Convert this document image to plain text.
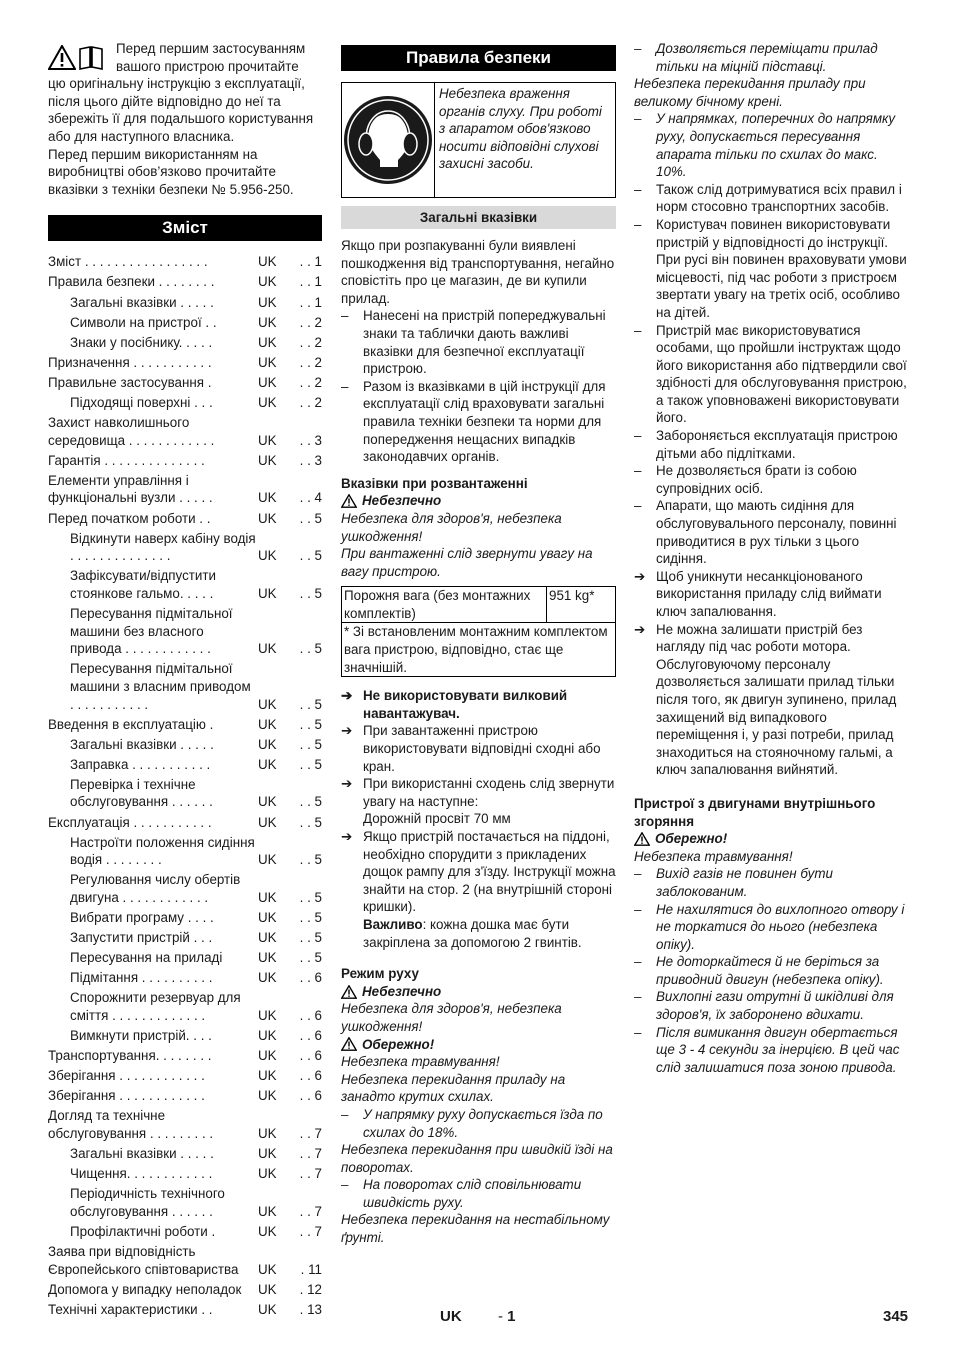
Перед першим застосуванням

вашого пристрою прочитайте

цю оригінальну інструкцію з експлуатації, після цього дійте відповідно до неї та збережіть її для подальшого користування або для наступного власника.

Перед першим використанням на виробництві обов’язково прочитайте вказівки з техніки безпеки № 5.956-250.

Зміст
Зміст . . . . . . . . . . . . . . . . .	UK	. . 1
Правила безпеки . . . . . . . .	UK	. . 1
Загальні вказівки . . . . .	UK	. . 1
Символи на пристрої . .	UK	. . 2
Знаки у посібнику. . . . .	UK	. . 2
Призначення . . . . . . . . . . .	UK	. . 2
Правильне застосування .	UK	. . 2
Підходящі поверхні . . .	UK	. . 2
Захист навколишнього середовища . . . . . . . . . . . .	UK	. . 3
Гарантія . . . . . . . . . . . . . .	UK	. . 3
Елементи управління і функціональні вузли . . . . .	UK	. . 4
Перед початком роботи . .	UK	. . 5
Відкинути наверх кабіну водія . . . . . . . . . . . . . .	UK	. . 5
Зафіксувати/відпустити стоянкове гальмо. . . . .	UK	. . 5
Пересування підмітальної машини без власного привода . . . . . . . . . . . .	UK	. . 5
Пересування підмітальної машини з власним приводом . . . . . . . . . . .	UK	. . 5
Введення в експлуатацію .	UK	. . 5
Загальні вказівки . . . . .	UK	. . 5
Заправка . . . . . . . . . . .	UK	. . 5
Перевірка і технічне обслуговування . . . . . .	UK	. . 5
Експлуатація . . . . . . . . . . .	UK	. . 5
Настроїти положення сидіння водія . . . . . . . .	UK	. . 5
Регулювання числу обертів двигуна . . . . . . . . . . . .	UK	. . 5
Вибрати програму . . . .	UK	. . 5
Запустити пристрій . . .	UK	. . 5
Пересування на приладі	UK	. . 5
Підмітання . . . . . . . . . .	UK	. . 6
Спорожнити резервуар для сміття . . . . . . . . . . . . .	UK	. . 6
Вимкнути пристрій. . . .	UK	. . 6
Транспортування. . . . . . . .	UK	. . 6
Зберігання . . . . . . . . . . . .	UK	. . 6
Зберігання . . . . . . . . . . . .	UK	. . 6
Догляд та технічне обслуговування . . . . . . . . .	UK	. . 7
Загальні вказівки . . . . .	UK	. . 7
Чищення. . . . . . . . . . . .	UK	. . 7
Періодичність технічного обслуговування . . . . . .	UK	. . 7
Профілактичні роботи .	UK	. . 7
Заява при відповідність Європейського співтовариства	UK	. 11
Допомога у випадку неполадок	UK	. 12
Технічні характеристики . .	UK	. 13
Правила безпеки
Небезпека враження органів слуху. При роботі з апаратом обов'язково носити відповідні слухові захисні засоби.
Загальні вказівки

Якщо при розпакуванні були виявлені пошкодження від транспортування, негайно сповістіть про це магазин, де ви купили прилад.

–	Нанесені на пристрій попереджувальні знаки та таблички дають важливі вказівки для безпечної експлуатації пристрою.
–	Разом із вказівками в цій інструкції для експлуатації слід враховувати загальні правила техніки безпеки та норми для попередження нещасних випадків законодавчих органів.

Вказівки при розвантаженні

Небезпечно

Небезпека для здоров'я, небезпека ушкодження!

При вантаженні слід звернути увагу на вагу пристрою.

Порожня вага (без монтажних комплектів)	951 kg*
* Зі встановленим монтажним комплектом вага пристрою, відповідно, стає ще значнішій.
➔ Не використовувати вилковий навантажувач.
➔ При завантаженні пристрою використовувати відповідні сходні або кран.
➔ При використанні сходень слід звернути увагу на наступне:
Дорожній просвіт 70 мм
➔ Якщо пристрій постачається на піддоні, необхідно спорудити з прикладених дощок рампу для з'їзду. Інструкції можна знайти на стор. 2 (на внутрішній стороні кришки).
Важливо: кожна дошка має бути закріплена за допомогою 2 гвинтів.

Режим руху

Небезпечно

Небезпека для здоров'я, небезпека ушкодження!

Обережно!

Небезпека травмування!

Небезпека перекидання приладу на занадто крутих схилах.

–	У напрямку руху допускається їзда по схилах до 18%.

Небезпека перекидання при швидкій їзді на поворотах.

–	На поворотах слід сповільнювати швидкість руху.

Небезпека перекидання на нестабільному ґрунті.

–	Дозволяється переміщати прилад тільки на міцній підставці.

Небезпека перекидання приладу при великому бічному крені.

–	У напрямках, поперечних до напрямку руху, допускається пересування апарата тільки по схилах до макс. 10%.
–	Також слід дотримуватися всіх правил і норм стосовно транспортних засобів.
–	Користувач повинен використовувати пристрій у відповідності до інструкції. При русі він повинен враховувати умови місцевості, під час роботи з пристроєм звертати увагу на третіх осіб, особливо на дітей.
–	Пристрій має використовуватися особами, що пройшли інструктаж щодо його використання або підтвердили свої здібності для обслуговування пристрою, а також уповноважені використовувати його.
–	Забороняється експлуатація пристрою дітьми або підлітками.
–	Не дозволяється брати із собою супровідних осіб.
–	Апарати, що мають сидіння для обслуговувального персоналу, повинні приводитися в рух тільки з цього сидіння.
➔ Щоб уникнути несанкціонованого використання приладу слід виймати ключ запалювання.
➔ Не можна залишати пристрій без нагляду під час роботи мотора. Обслуговуючому персоналу дозволяється залишати прилад тільки після того, як двигун зупинено, прилад захищений від випадкового переміщення і, у разі потреби, прилад знаходиться на стояночному гальмі, а ключ запалювання вийнятий.

Пристрої з двигунами внутрішнього згоряння

Обережно!

Небезпека травмування!

–	Вихід газів не повинен бути заблокованим.
–	Не нахилятися до вихлопного отвору і не торкатися до нього (небезпека опіку).
–	Не доторкайтеся й не беріться за приводний двигун (небезпека опіку).
–	Вихлопні гази отрутні й шкідливі для здоров'я, їх заборонено вдихати.
–	Після вимикання двигун обертається ще 3 - 4 секунди за інерцією. В цей час слід залишатися поза зоною привода.
UK - 1	345
